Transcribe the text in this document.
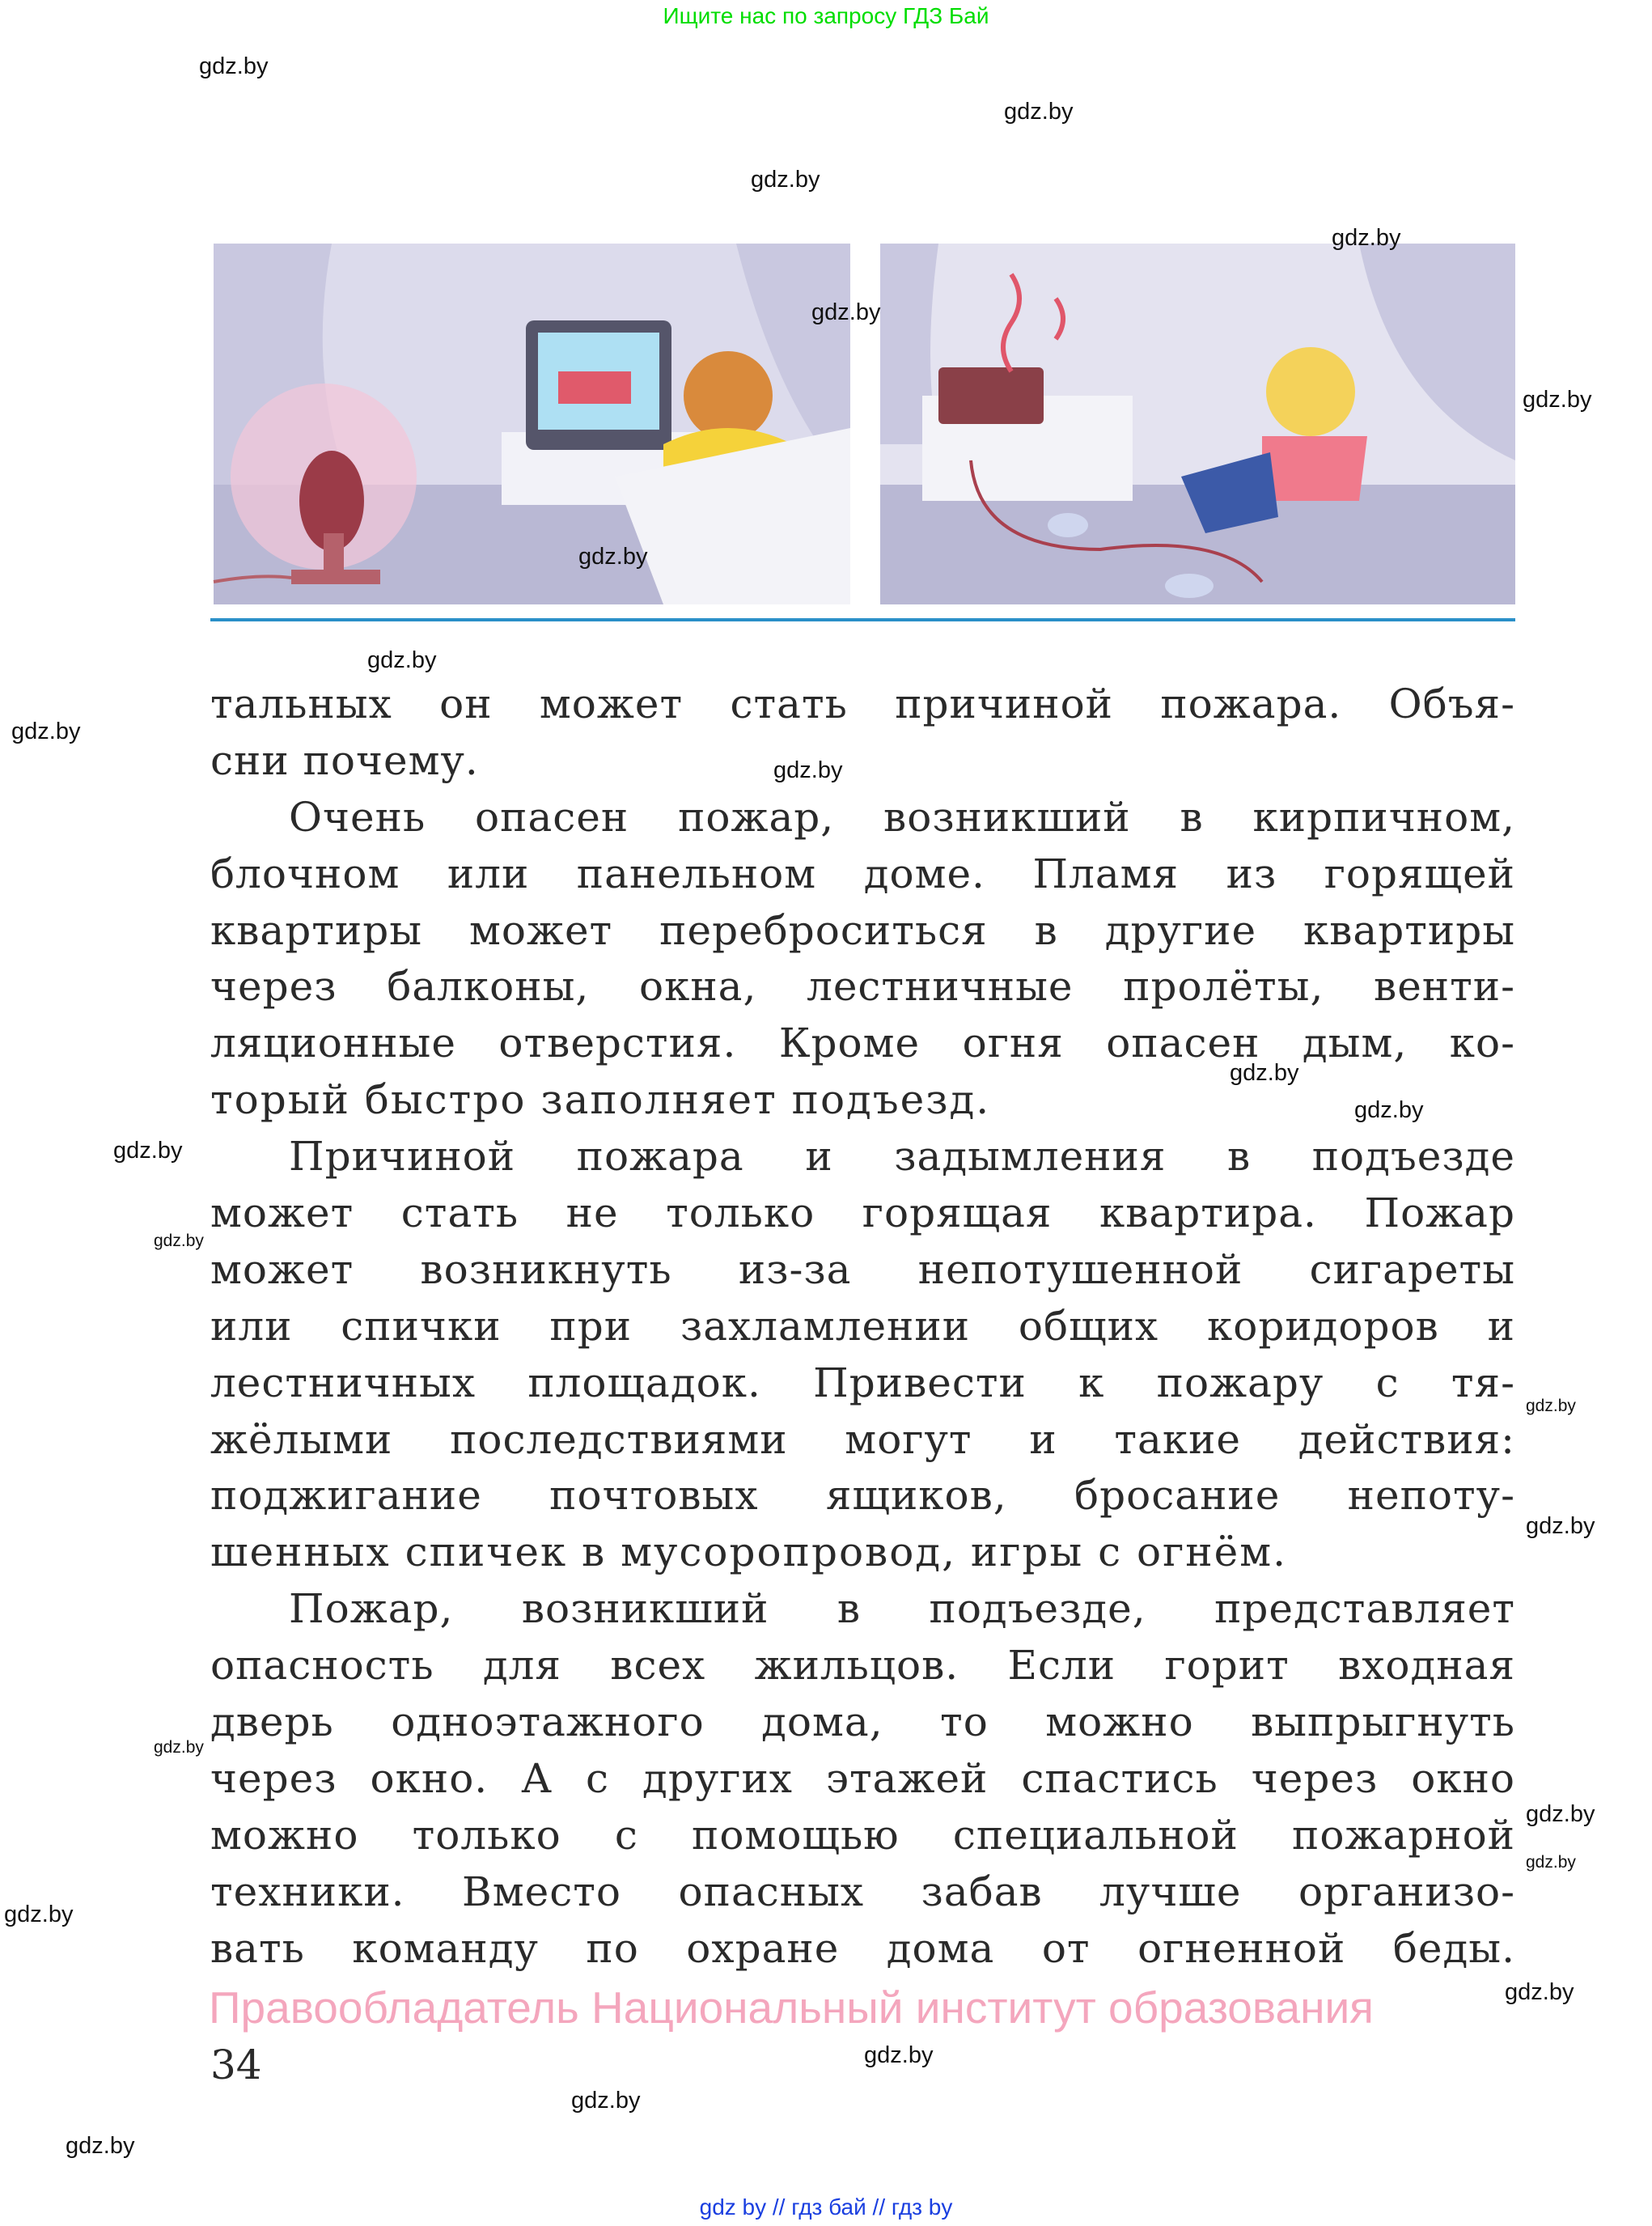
Ищите нас по запросу ГДЗ Бай
тальных он может стать причиной пожара. Объя-
сни почему.
Очень опасен пожар, возникший в кирпичном,
блочном или панельном доме. Пламя из горящей
квартиры может переброситься в другие квартиры
через балконы, окна, лестничные пролёты, венти-
ляционные отверстия. Кроме огня опасен дым, ко-
торый быстро заполняет подъезд.
Причиной пожара и задымления в подъезде
может стать не только горящая квартира. Пожар
может возникнуть из-за непотушенной сигареты
или спички при захламлении общих коридоров и
лестничных площадок. Привести к пожару с тя-
жёлыми последствиями могут и такие действия:
поджигание почтовых ящиков, бросание непоту-
шенных спичек в мусоропровод, игры с огнём.
Пожар, возникший в подъезде, представляет
опасность для всех жильцов. Если горит входная
дверь одноэтажного дома, то можно выпрыгнуть
через окно. А с других этажей спастись через окно
можно только с помощью специальной пожарной
техники. Вместо опасных забав лучше организо-
вать команду по охране дома от огненной беды.
Правообладатель Национальный институт образования
34
gdz.by
gdz.by
gdz.by
gdz.by
gdz.by
gdz.by
gdz.by
gdz.by
gdz.by
gdz.by
gdz.by
gdz.by
gdz.by
gdz.by
gdz.by
gdz.by
gdz.by
gdz.by
gdz.by
gdz.by
gdz.by
gdz.by
gdz.by
gdz.by
gdz by // гдз бай // гдз by
